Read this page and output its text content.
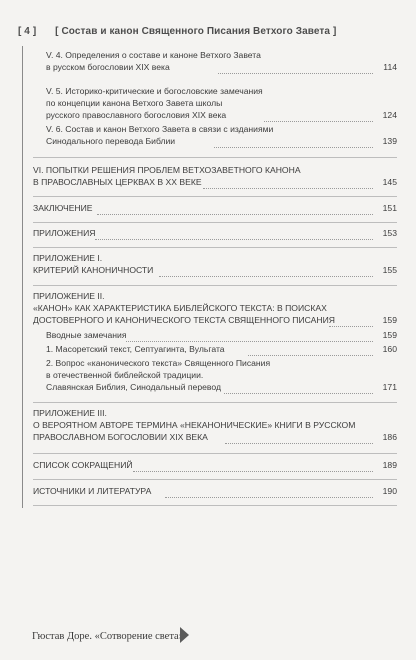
[ 4 ] [ Состав и канон Священного Писания Ветхого Завета ]
V. 4. Определения о составе и каноне Ветхого Завета
в русском богословии XIX века	114
V. 5. Историко-критические и богословские замечания
по концепции канона Ветхого Завета школы
русского православного богословия XIX века	124
V. 6. Состав и канон Ветхого Завета в связи с изданиями
Синодального перевода Библии	139
VI. ПОПЫТКИ РЕШЕНИЯ ПРОБЛЕМ ВЕТХОЗАВЕТНОГО КАНОНА
В ПРАВОСЛАВНЫХ ЦЕРКВАХ В XX ВЕКЕ	145
ЗАКЛЮЧЕНИЕ	151
ПРИЛОЖЕНИЯ	153
ПРИЛОЖЕНИЕ I.
КРИТЕРИЙ КАНОНИЧНОСТИ	155
ПРИЛОЖЕНИЕ II.
«КАНОН» КАК ХАРАКТЕРИСТИКА БИБЛЕЙСКОГО ТЕКСТА: В ПОИСКАХ
ДОСТОВЕРНОГО И КАНОНИЧЕСКОГО ТЕКСТА СВЯЩЕННОГО ПИСАНИЯ	159
Вводные замечания	159
1. Масоретский текст, Септуагинта, Вульгата	160
2. Вопрос «канонического текста» Священного Писания
в отечественной библейской традиции.
Славянская Библия, Синодальный перевод	171
ПРИЛОЖЕНИЕ III.
О ВЕРОЯТНОМ АВТОРЕ ТЕРМИНА «НЕКАНОНИЧЕСКИЕ» КНИГИ В РУССКОМ
ПРАВОСЛАВНОМ БОГОСЛОВИИ XIX ВЕКА	186
СПИСОК СОКРАЩЕНИЙ	189
ИСТОЧНИКИ И ЛИТЕРАТУРА	190
Гюстав Доре. «Сотворение света»
